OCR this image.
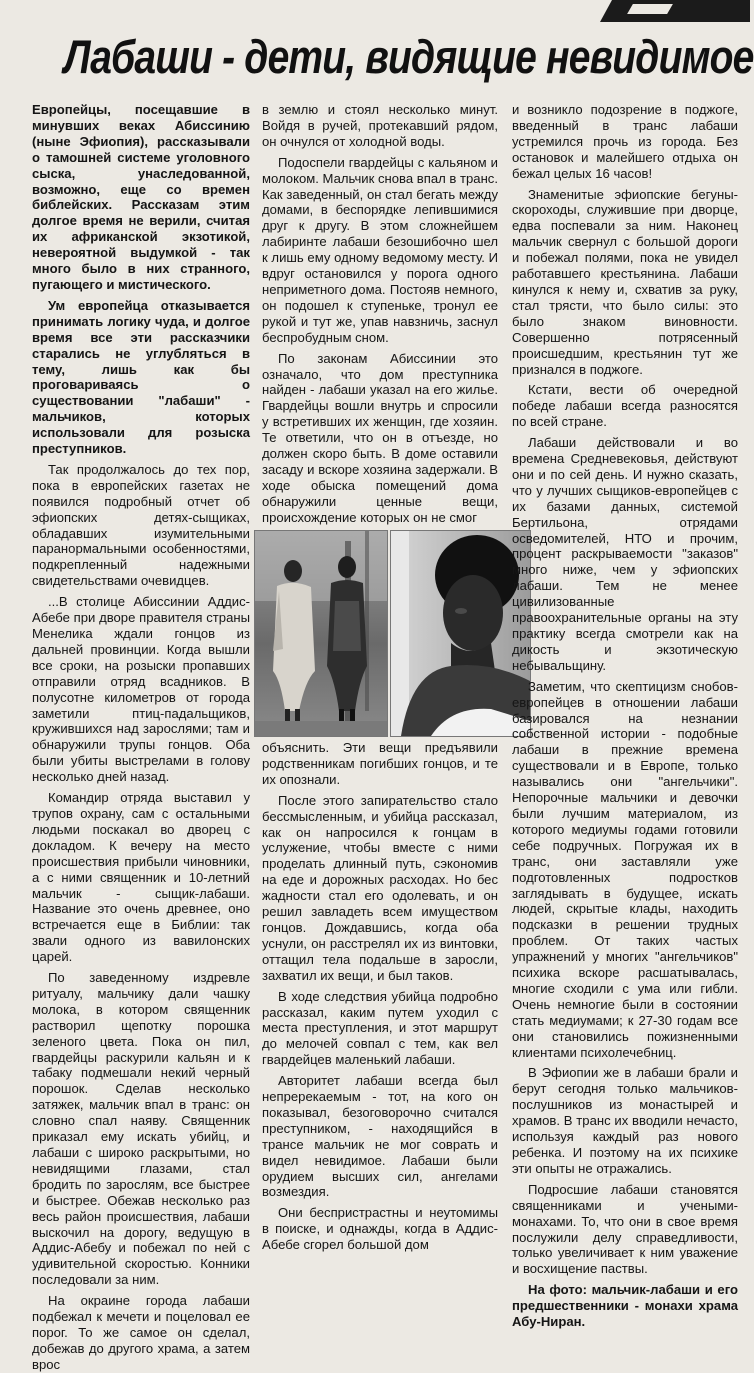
Лабаши - дети, видящие невидимое

Европейцы, посещавшие в минувших веках Абиссинию (ныне Эфиопия), рассказывали о тамошней системе уголовного сыска, унаследованной, возможно, еще со времен библейских. Рассказам этим долгое время не верили, считая их африканской экзотикой, невероятной выдумкой - так много было в них странного, пугающего и мистического.

Ум европейца отказывается принимать логику чуда, и долгое время все эти рассказчики старались не углубляться в тему, лишь как бы проговариваясь о существовании "лабаши" - мальчиков, которых использовали для розыска преступников.

Так продолжалось до тех пор, пока в европейских газетах не появился подробный отчет об эфиопских детях-сыщиках, обладавших изумительными паранормальными особенностями, подкрепленный надежными свидетельствами очевидцев.

...В столице Абиссинии Аддис-Абебе при дворе правителя страны Менелика ждали гонцов из дальней провинции. Когда вышли все сроки, на розыски пропавших отправили отряд всадников. В полусотне километров от города заметили птиц-падальщиков, кружившихся над зарослями; там и обнаружили трупы гонцов. Оба были убиты выстрелами в голову несколько дней назад.

Командир отряда выставил у трупов охрану, сам с остальными людьми поскакал во дворец с докладом. К вечеру на место происшествия прибыли чиновники, а с ними священник и 10-летний мальчик - сыщик-лабаши. Название это очень древнее, оно встречается еще в Библии: так звали одного из вавилонских царей.

По заведенному издревле ритуалу, мальчику дали чашку молока, в котором священник растворил щепотку порошка зеленого цвета. Пока он пил, гвардейцы раскурили кальян и к табаку подмешали некий черный порошок. Сделав несколько затяжек, мальчик впал в транс: он словно спал наяву. Священник приказал ему искать убийц, и лабаши с широко раскрытыми, но невидящими глазами, стал бродить по зарослям, все быстрее и быстрее. Обежав несколько раз весь район происшествия, лабаши выскочил на дорогу, ведущую в Аддис-Абебу и побежал по ней с удивительной скоростью. Конники последовали за ним.

На окраине города лабаши подбежал к мечети и поцеловал ее порог. То же самое он сделал, добежав до другого храма, а затем врос

в землю и стоял несколько минут. Войдя в ручей, протекавший рядом, он очнулся от холодной воды.

Подоспели гвардейцы с кальяном и молоком. Мальчик снова впал в транс. Как заведенный, он стал бегать между домами, в беспорядке лепившимися друг к другу. В этом сложнейшем лабиринте лабаши безошибочно шел к лишь ему одному ведомому месту. И вдруг остановился у порога одного неприметного дома. Постояв немного, он подошел к ступеньке, тронул ее рукой и тут же, упав навзничь, заснул беспробудным сном.

По законам Абиссинии это означало, что дом преступника найден - лабаши указал на его жилье. Гвардейцы вошли внутрь и спросили у встретивших их женщин, где хозяин. Те ответили, что он в отъезде, но должен скоро быть. В доме оставили засаду и вскоре хозяина задержали. В ходе обыска помещений дома обнаружили ценные вещи, происхождение которых он не смог

объяснить. Эти вещи предъявили родственникам погибших гонцов, и те их опознали.

После этого запирательство стало бессмысленным, и убийца рассказал, как он напросился к гонцам в услужение, чтобы вместе с ними проделать длинный путь, сэкономив на еде и дорожных расходах. Но бес жадности стал его одолевать, и он решил завладеть всем имуществом гонцов. Дождавшись, когда оба уснули, он расстрелял их из винтовки, оттащил тела подальше в заросли, захватил их вещи, и был таков.

В ходе следствия убийца подробно рассказал, каким путем уходил с места преступления, и этот маршрут до мелочей совпал с тем, как вел гвардейцев маленький лабаши.

Авторитет лабаши всегда был непререкаемым - тот, на кого он показывал, безоговорочно считался преступником, - находящийся в трансе мальчик не мог соврать и видел невидимое. Лабаши были орудием высших сил, ангелами возмездия.

Они беспристрастны и неутомимы в поиске, и однажды, когда в Аддис-Абебе сгорел большой дом

и возникло подозрение в поджоге, введенный в транс лабаши устремился прочь из города. Без остановок и малейшего отдыха он бежал целых 16 часов!

Знаменитые эфиопские бегуны-скороходы, служившие при дворце, едва поспевали за ним. Наконец мальчик свернул с большой дороги и побежал полями, пока не увидел работавшего крестьянина. Лабаши кинулся к нему и, схватив за руку, стал трясти, что было силы: это было знаком виновности. Совершенно потрясенный происшедшим, крестьянин тут же признался в поджоге.

Кстати, вести об очередной победе лабаши всегда разносятся по всей стране.

Лабаши действовали и во времена Средневековья, действуют они и по сей день. И нужно сказать, что у лучших сыщиков-европейцев с их базами данных, системой Бертильона, отрядами осведомителей, НТО и прочим, процент раскрываемости "заказов" много ниже, чем у эфиопских лабаши. Тем не менее цивилизованные правоохранительные органы на эту практику всегда смотрели как на дикость и экзотическую небывальщину.

Заметим, что скептицизм снобов-европейцев в отношении лабаши базировался на незнании собственной истории - подобные лабаши в прежние времена существовали и в Европе, только назывались они "ангельчики". Непорочные мальчики и девочки были лучшим материалом, из которого медиумы годами готовили себе подручных. Погружая их в транс, они заставляли уже подготовленных подростков заглядывать в будущее, искать людей, скрытые клады, находить подсказки в решении трудных проблем. От таких частых упражнений у многих "ангельчиков" психика вскоре расшатывалась, многие сходили с ума или гибли. Очень немногие были в состоянии стать медиумами; к 27-30 годам все они становились пожизненными клиентами психолечебниц.

В Эфиопии же в лабаши брали и берут сегодня только мальчиков-послушников из монастырей и храмов. В транс их вводили нечасто, используя каждый раз нового ребенка. И поэтому на их психике эти опыты не отражались.

Подросшие лабаши становятся священниками и учеными-монахами. То, что они в свое время послужили делу справедливости, только увеличивает к ним уважение и восхищение паствы.

На фото: мальчик-лабаши и его предшественники - монахи храма Абу-Ниран.
